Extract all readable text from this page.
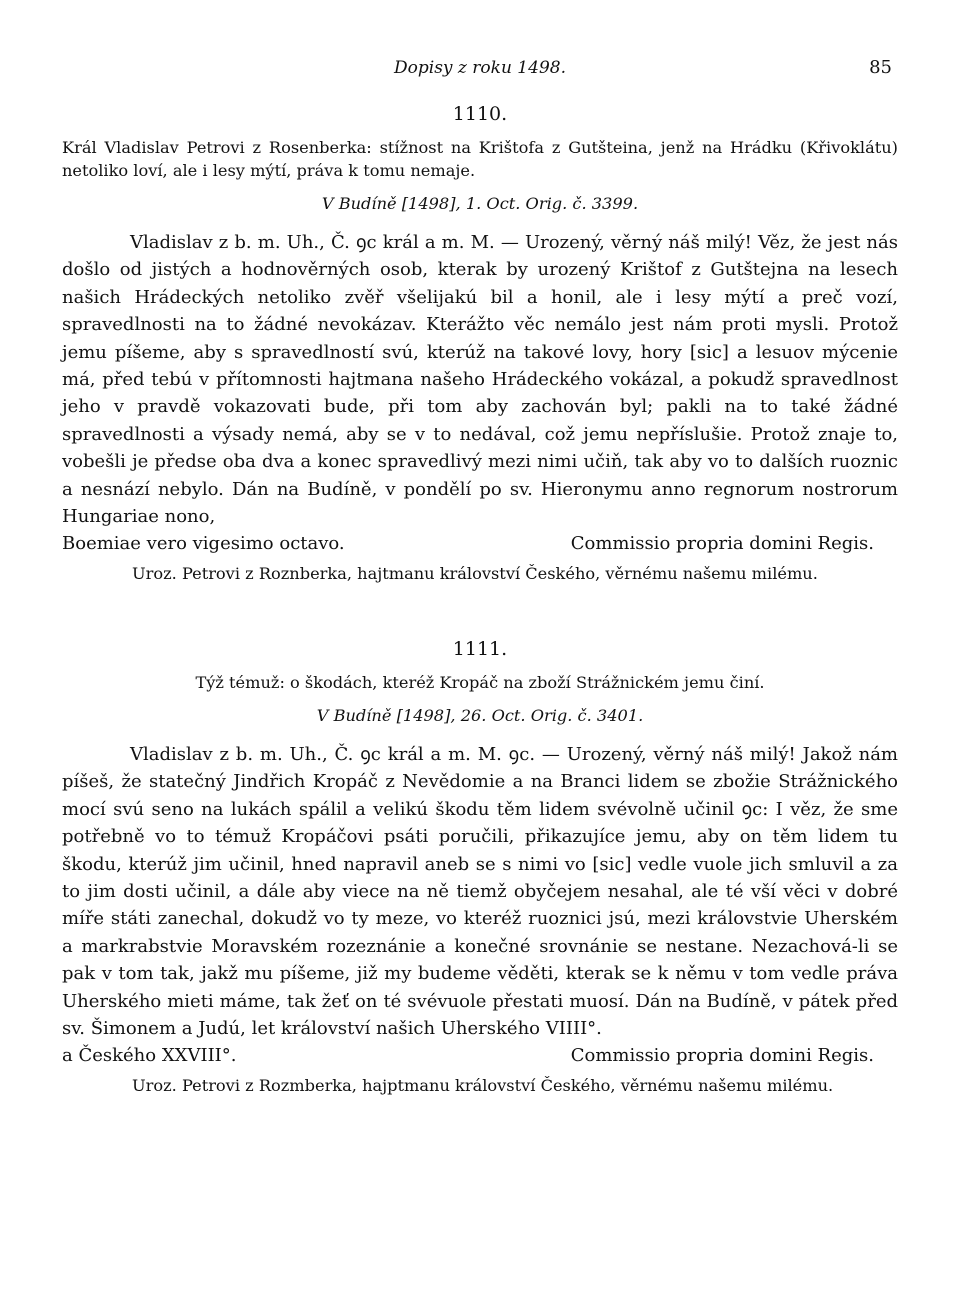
Dopisy z roku 1498.	85
1110.

Král Vladislav Petrovi z Rosenberka: stížnost na Krištofa z Gutšteina, jenž na Hrádku (Křivoklátu) netoliko loví, ale i lesy mýtí, práva k tomu nemaje.

V Budíně [1498], 1. Oct. Orig. č. 3399.

Vladislav z b. m. Uh., Č. ꝯc král a m. M. — Urozený, věrný náš milý! Věz, že jest nás došlo od jistých a hodnověrných osob, kterak by urozený Krištof z Gutštejna na lesech našich Hrádeckých netoliko zvěř všelijakú bil a honil, ale i lesy mýtí a preč vozí, spravedlnosti na to žádné nevokázav. Kterážto věc nemálo jest nám proti mysli. Protož jemu píšeme, aby s spravedlností svú, kterúž na takové lovy, hory [sic] a lesuov mýcenie má, před tebú v přítomnosti hajtmana našeho Hrádeckého vokázal, a pokudž spravedlnost jeho v pravdě vokazovati bude, při tom aby zachován byl; pakli na to také žádné spravedlnosti a výsady nemá, aby se v to nedával, což jemu nepříslušie. Protož znaje to, vobešli je předse oba dva a konec spravedlivý mezi nimi učiň, tak aby vo to dalších ruoznic a nesnází nebylo. Dán na Budíně, v pondělí po sv. Hieronymu anno regnorum nostrorum Hungariae nono,

Boemiae vero vigesimo octavo.	Commissio propria domini Regis.

Uroz. Petrovi z Roznberka, hajtmanu království Českého, věrnému našemu milému.

1111.

Týž témuž: o škodách, kteréž Kropáč na zboží Strážnickém jemu činí.

V Budíně [1498], 26. Oct. Orig. č. 3401.

Vladislav z b. m. Uh., Č. ꝯc král a m. M. ꝯc. — Urozený, věrný náš milý! Jakož nám píšeš, že statečný Jindřich Kropáč z Nevědomie a na Branci lidem se zbožie Strážnického mocí svú seno na lukách spálil a velikú škodu těm lidem svévolně učinil ꝯc: I věz, že sme potřebně vo to témuž Kropáčovi psáti poručili, přikazujíce jemu, aby on těm lidem tu škodu, kterúž jim učinil, hned napravil aneb se s nimi vo [sic] vedle vuole jich smluvil a za to jim dosti učinil, a dále aby viece na ně tiemž obyčejem nesahal, ale té vší věci v dobré míře státi zanechal, dokudž vo ty meze, vo kteréž ruoznici jsú, mezi královstvie Uherském a markrabstvie Moravském rozeznánie a konečné srovnánie se nestane. Nezachová-li se pak v tom tak, jakž mu píšeme, již my budeme věděti, kterak se k němu v tom vedle práva Uherského mieti máme, tak žeť on té svévuole přestati muosí. Dán na Budíně, v pátek před sv. Šimonem a Judú, let království našich Uherského VIIII°.

a Českého XXVIII°.	Commissio propria domini Regis.

Uroz. Petrovi z Rozmberka, hajptmanu království Českého, věrnému našemu milému.
